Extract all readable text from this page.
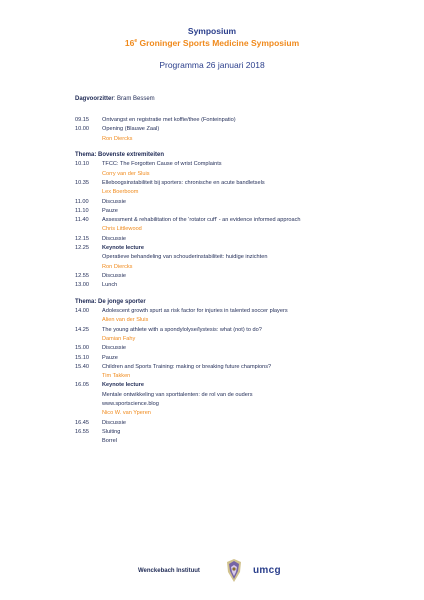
Symposium
16e Groninger Sports Medicine Symposium
Programma 26 januari 2018
Dagvoorzitter: Bram Bessem
09.15	Ontvangst en registratie met koffie/thee (Fonteinpatio)
10.00	Opening (Blauwe Zaal)
Ron Diercks
Thema: Bovenste extremiteiten
10.10	TFCC: The Forgotten Cause of wrist Complaints
Corry van der Sluis
10.35	Elleboogsinstabiliteit bij sporters: chronische en acute bandletsels
Lex Boerboom
11.00	Discussie
11.10	Pauze
11.40	Assessment & rehabilitation of the ‘rotator cuff’ - an evidence informed approach
Chris Littlewood
12.15	Discussie
12.25	Keynote lecture
Operatieve behandeling van schouderinstabiliteit: huidige inzichten
Ron Diercks
12.55	Discussie
13.00	Lunch
Thema: De jonge sporter
14.00	Adolescent growth spurt as risk factor for injuries in talented soccer players
Alien van der Sluis
14.25	The young athlete with a spondylolyse/lystesis: what (not) to do?
Damian Fahy
15.00	Discussie
15.10	Pauze
15.40	Children and Sports Training: making or breaking future champions?
Tim Takken
16.05	Keynote lecture
Mentale ontwikkeling van sporttalenten: de rol van de ouders
www.sportscience.blog
Nico W. van Yperen
16.45	Discussie
16.55	Sluiting
Borrel
Wenckebach Instituut	umcg
